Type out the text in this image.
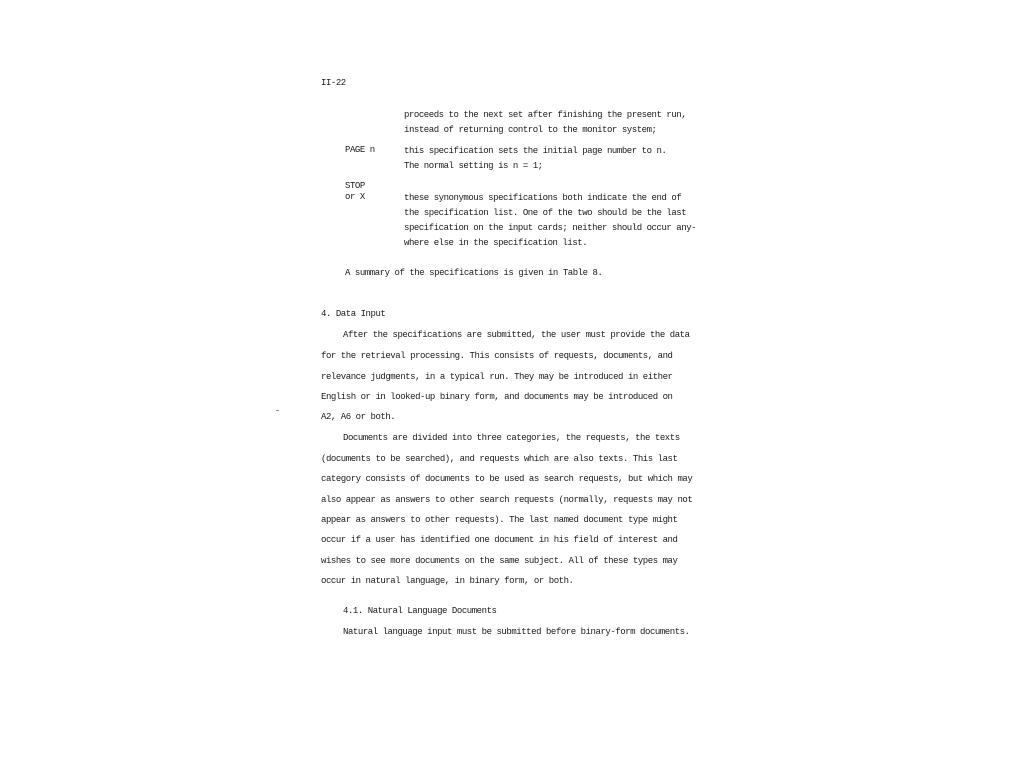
II-22
proceeds to the next set after finishing the present run,
instead of returning control to the monitor system;
PAGE n	this specification sets the initial page number to n.
The normal setting is n = 1;
STOP
or X	these synonymous specifications both indicate the end of
the specification list. One of the two should be the last
specification on the input cards; neither should occur any-
where else in the specification list.
A summary of the specifications is given in Table 8.
4. Data Input
After the specifications are submitted, the user must provide the data
for the retrieval processing. This consists of requests, documents, and
relevance judgments, in a typical run. They may be introduced in either
English or in looked-up binary form, and documents may be introduced on
A2, A6 or both.
Documents are divided into three categories, the requests, the texts
(documents to be searched), and requests which are also texts. This last
category consists of documents to be used as search requests, but which may
also appear as answers to other search requests (normally, requests may not
appear as answers to other requests). The last named document type might
occur if a user has identified one document in his field of interest and
wishes to see more documents on the same subject. All of these types may
occur in natural language, in binary form, or both.
4.1. Natural Language Documents
Natural language input must be submitted before binary-form documents.
